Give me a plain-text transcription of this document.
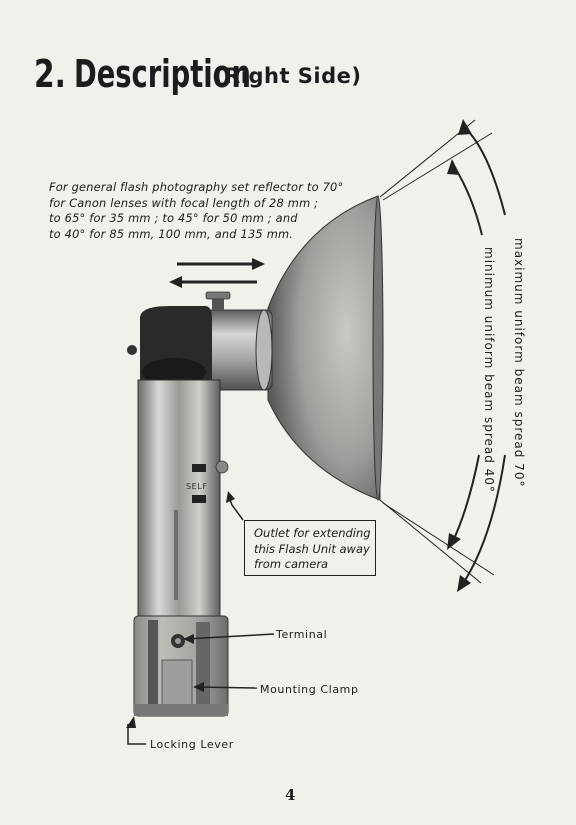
2. Description
(Right Side)
For general flash photography set reflector to 70°
for Canon lenses with focal length of 28 mm ;
to 65° for 35 mm ; to 45° for 50 mm ; and
to 40° for 85 mm, 100 mm, and 135 mm.
SELF	maximum uniform beam spread 70°
minimum uniform beam spread 40°
Outlet for extending
this Flash Unit away
from camera
Terminal
Mounting Clamp
Locking Lever
4
